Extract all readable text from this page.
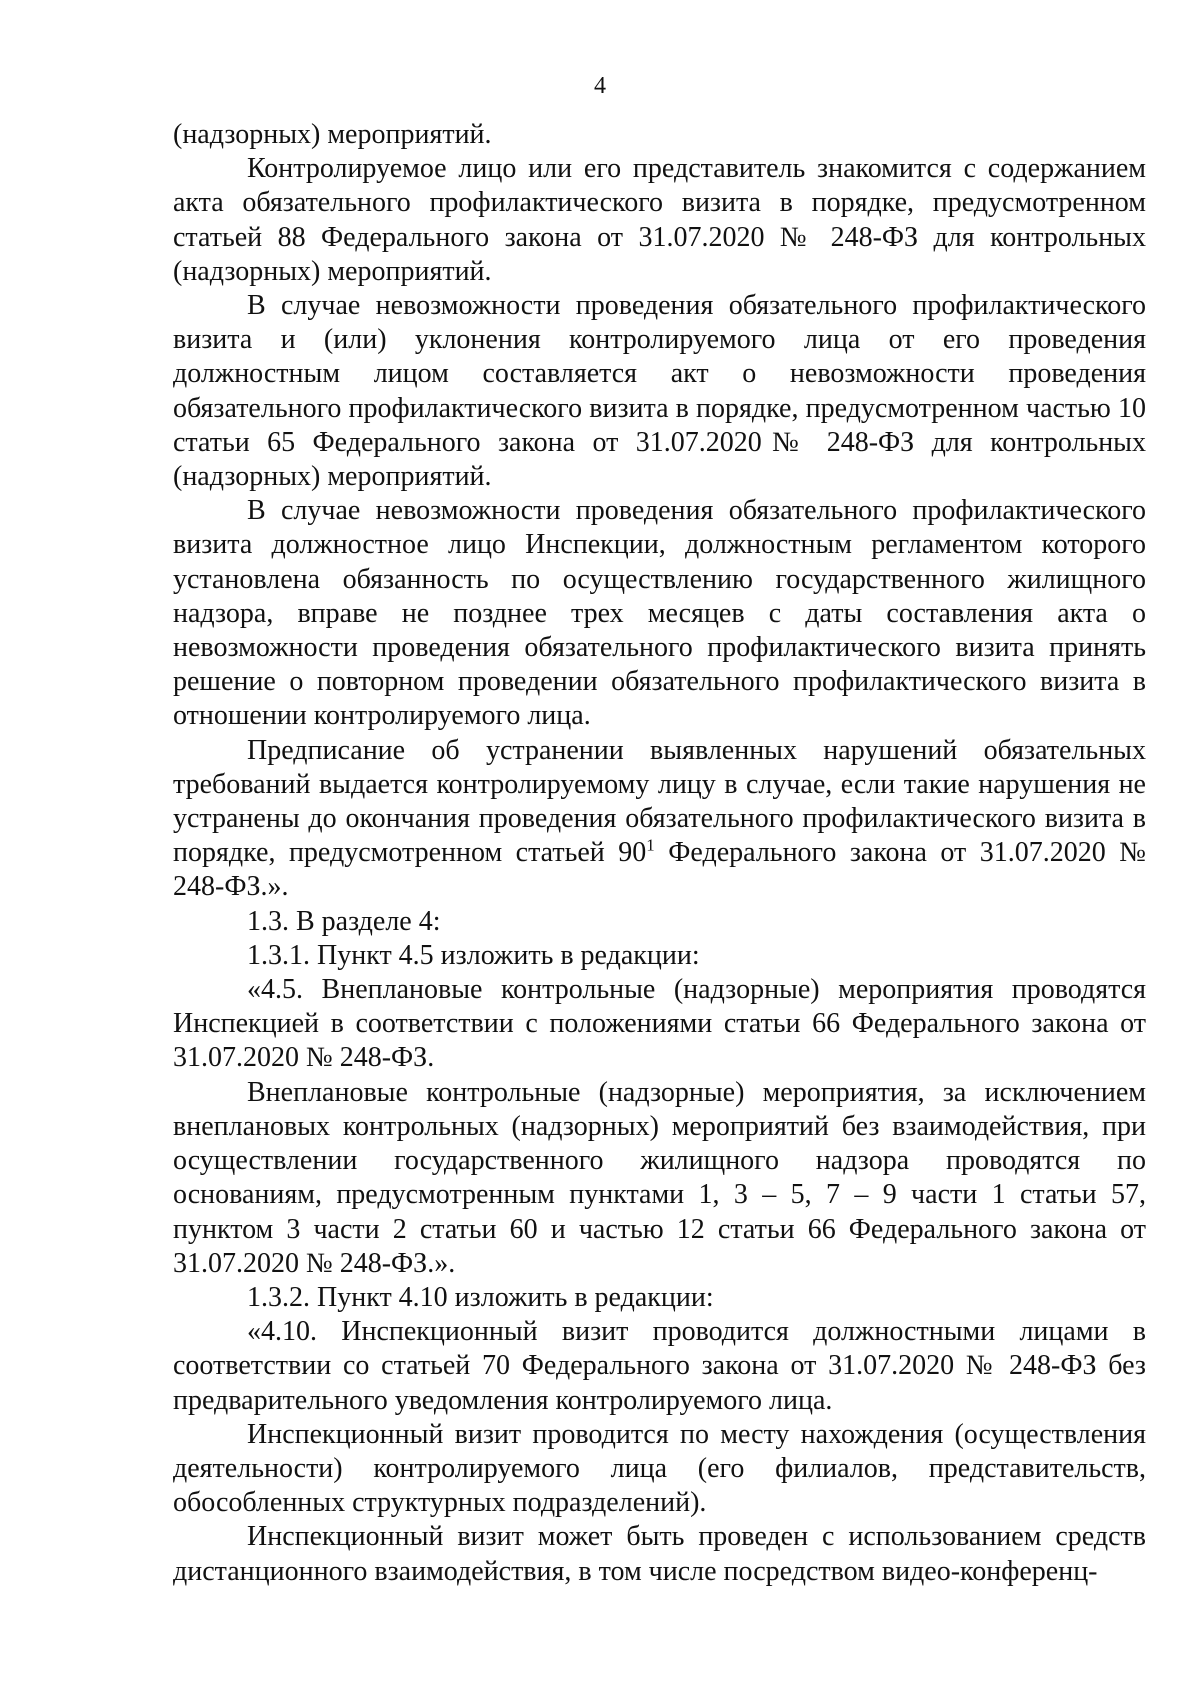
4

(надзорных) мероприятий.

Контролируемое лицо или его представитель знакомится с содержанием акта обязательного профилактического визита в порядке, предусмотренном статьей 88 Федерального закона от 31.07.2020 № 248-ФЗ для контрольных (надзорных) мероприятий.

В случае невозможности проведения обязательного профилактического визита и (или) уклонения контролируемого лица от его проведения должностным лицом составляется акт о невозможности проведения обязательного профилактического визита в порядке, предусмотренном частью 10 статьи 65 Федерального закона от 31.07.2020№ 248-ФЗ для контрольных (надзорных) мероприятий.

В случае невозможности проведения обязательного профилактического визита должностное лицо Инспекции, должностным регламентом которого установлена обязанность по осуществлению государственного жилищного надзора, вправе не позднее трех месяцев с даты составления акта о невозможности проведения обязательного профилактического визита принять решение о повторном проведении обязательного профилактического визита в отношении контролируемого лица.

Предписание об устранении выявленных нарушений обязательных требований выдается контролируемому лицу в случае, если такие нарушения не устранены до окончания проведения обязательного профилактического визита в порядке, предусмотренном статьей $90^1$ Федерального закона от 31.07.2020 № 248-ФЗ.».

1.3. В разделе 4:

1.3.1. Пункт 4.5 изложить в редакции:

«4.5. Внеплановые контрольные (надзорные) мероприятия проводятся Инспекцией в соответствии с положениями статьи 66 Федерального закона от 31.07.2020 № 248-ФЗ.

Внеплановые контрольные (надзорные) мероприятия, за исключением внеплановых контрольных (надзорных) мероприятий без взаимодействия, при осуществлении государственного жилищного надзора проводятся по основаниям, предусмотренным пунктами 1, 3 – 5, 7 – 9 части 1 статьи 57, пунктом 3 части 2 статьи 60 и частью 12 статьи 66 Федерального закона от 31.07.2020 № 248-ФЗ.».

1.3.2. Пункт 4.10 изложить в редакции:

«4.10. Инспекционный визит проводится должностными лицами в соответствии со статьей 70 Федерального закона от 31.07.2020 № 248-ФЗ без предварительного уведомления контролируемого лица.

Инспекционный визит проводится по месту нахождения (осуществления деятельности) контролируемого лица (его филиалов, представительств, обособленных структурных подразделений).

Инспекционный визит может быть проведен с использованием средств дистанционного взаимодействия, в том числе посредством видео-конференц-
